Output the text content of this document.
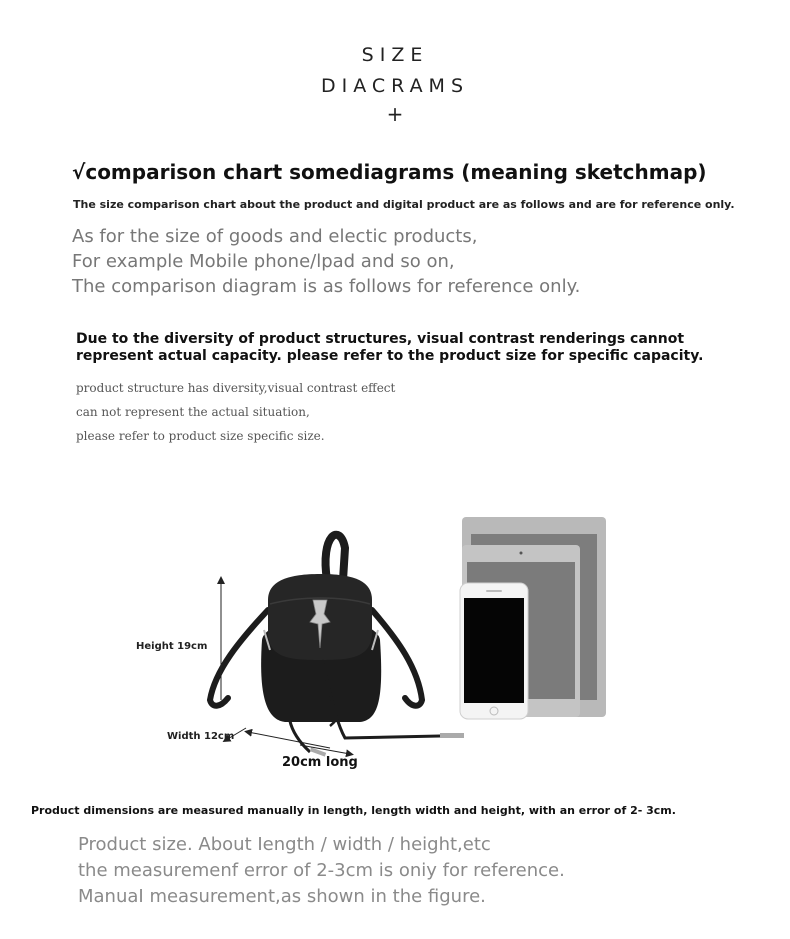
SIZE
DIACRAMS
+
√comparison chart somediagrams (meaning sketchmap)
The size comparison chart about the product and digital product are as follows and are for reference only.
As for the size of goods and electic products,
For example Mobile phone/lpad and so on,
The comparison diagram is as follows for reference only.
Due to the diversity of product structures, visual contrast renderings cannot
represent actual capacity. please refer to the product size for specific capacity.
product structure has diversity,visual contrast effect
can not represent the actual situation,
please refer to product size specific size.
Height 19cm
Width 12cm
20cm long
Product dimensions are measured manually in length, length width and height, with an error of 2- 3cm.
Product size. About Iength / width / height,etc
the measuremenf error of 2-3cm is oniy for reference.
ManuaI measurement,as shown in the figure.
